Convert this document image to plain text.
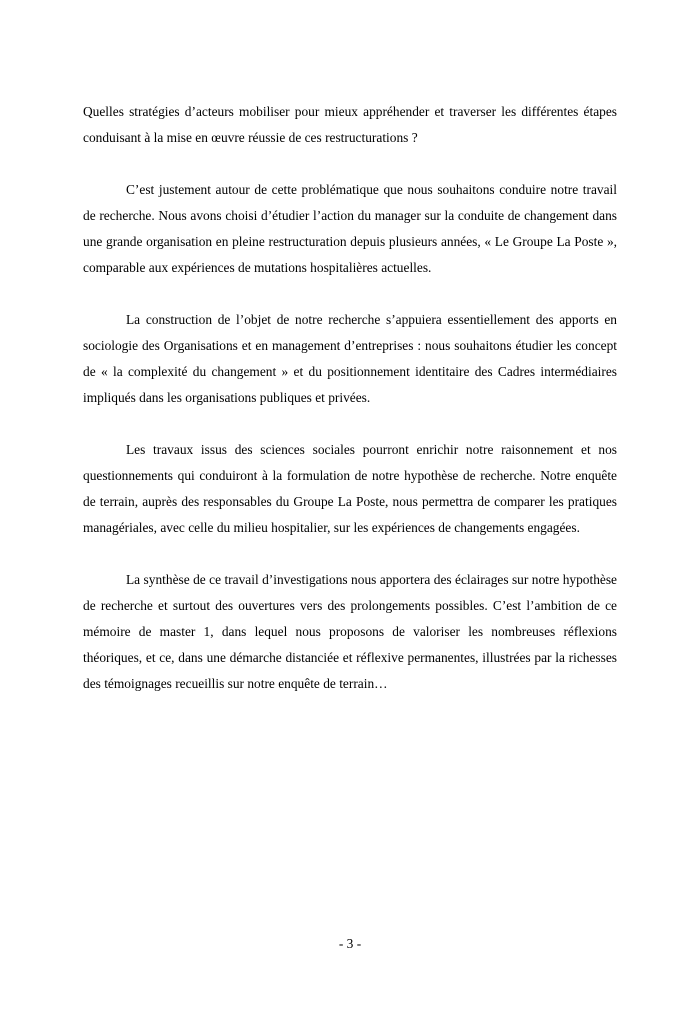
Quelles stratégies d’acteurs mobiliser pour mieux appréhender et traverser les différentes étapes conduisant à la mise en œuvre réussie de ces restructurations ?

C’est justement autour de cette problématique que nous souhaitons conduire notre travail de recherche. Nous avons choisi d’étudier l’action du manager sur la conduite de changement dans une grande organisation en pleine restructuration depuis plusieurs années, « Le Groupe La Poste », comparable aux expériences de mutations hospitalières actuelles.

La construction de l’objet de notre recherche s’appuiera essentiellement des apports en sociologie des Organisations et en management d’entreprises : nous souhaitons étudier les concept de « la complexité du changement » et du positionnement identitaire des Cadres intermédiaires impliqués dans les organisations publiques et privées.

Les travaux issus des sciences sociales pourront enrichir notre raisonnement et nos questionnements qui conduiront à la formulation de notre hypothèse de recherche. Notre enquête de terrain, auprès des responsables du Groupe La Poste, nous permettra de comparer les pratiques managériales, avec celle du milieu hospitalier, sur les expériences de changements engagées.

La synthèse de ce travail d’investigations nous apportera des éclairages sur notre hypothèse de recherche et surtout des ouvertures vers des prolongements possibles. C’est l’ambition de ce mémoire de master 1, dans lequel nous proposons de valoriser les nombreuses réflexions théoriques, et ce, dans une démarche distanciée et réflexive permanentes, illustrées par la richesses des témoignages recueillis sur notre enquête de terrain…

- 3 -
